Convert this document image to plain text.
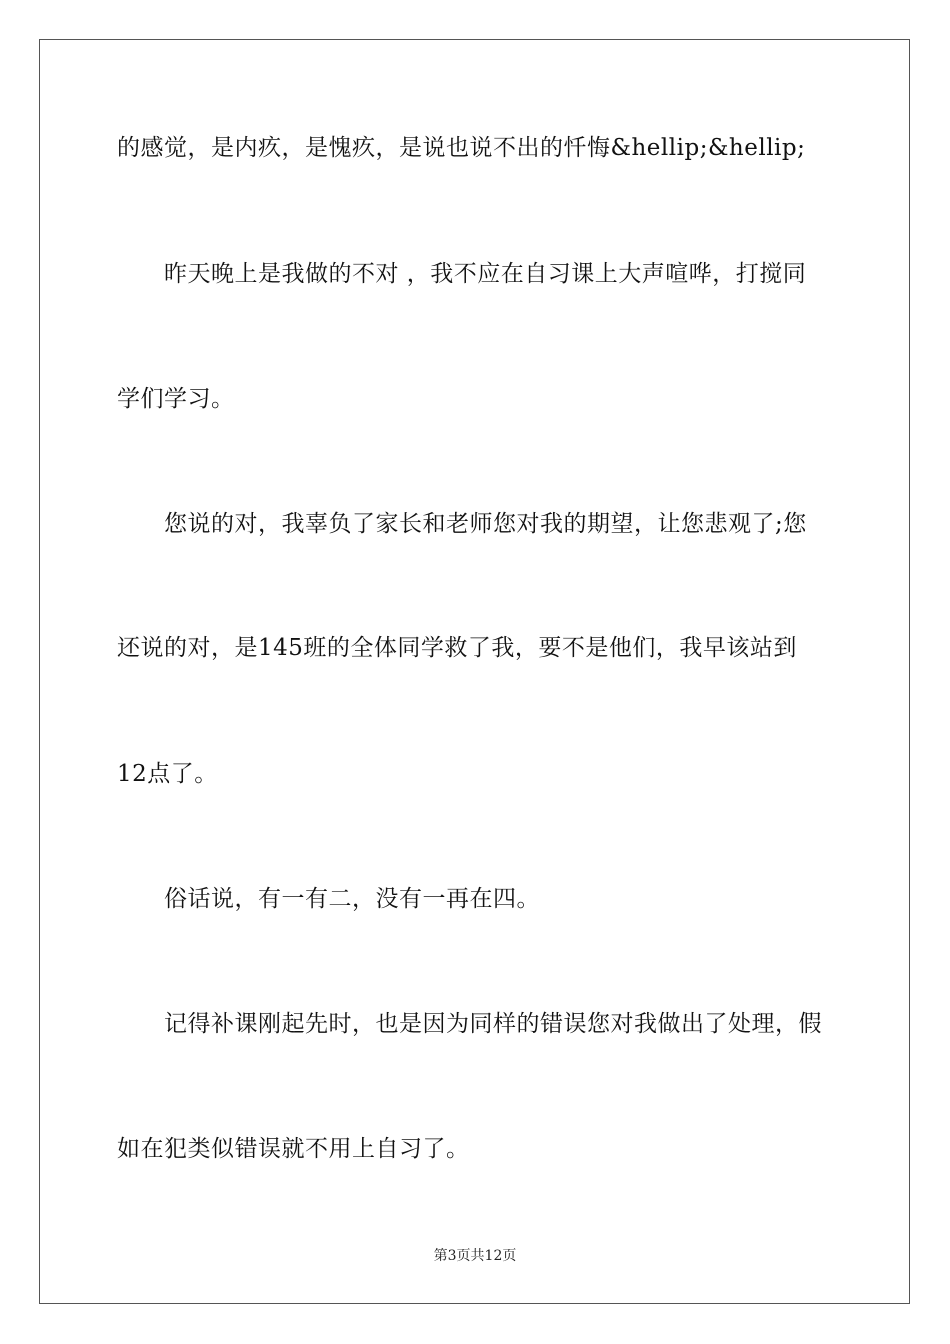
的感觉，是内疚，是愧疚，是说也说不出的忏悔&hellip;&hellip;
昨天晚上是我做的不对 ，我不应在自习课上大声喧哗，打搅同
学们学习。
您说的对，我辜负了家长和老师您对我的期望，让您悲观了;您
还说的对，是145班的全体同学救了我，要不是他们，我早该站到
12点了。
俗话说，有一有二，没有一再在四。
记得补课刚起先时，也是因为同样的错误您对我做出了处理，假
如在犯类似错误就不用上自习了。
第3页共12页
